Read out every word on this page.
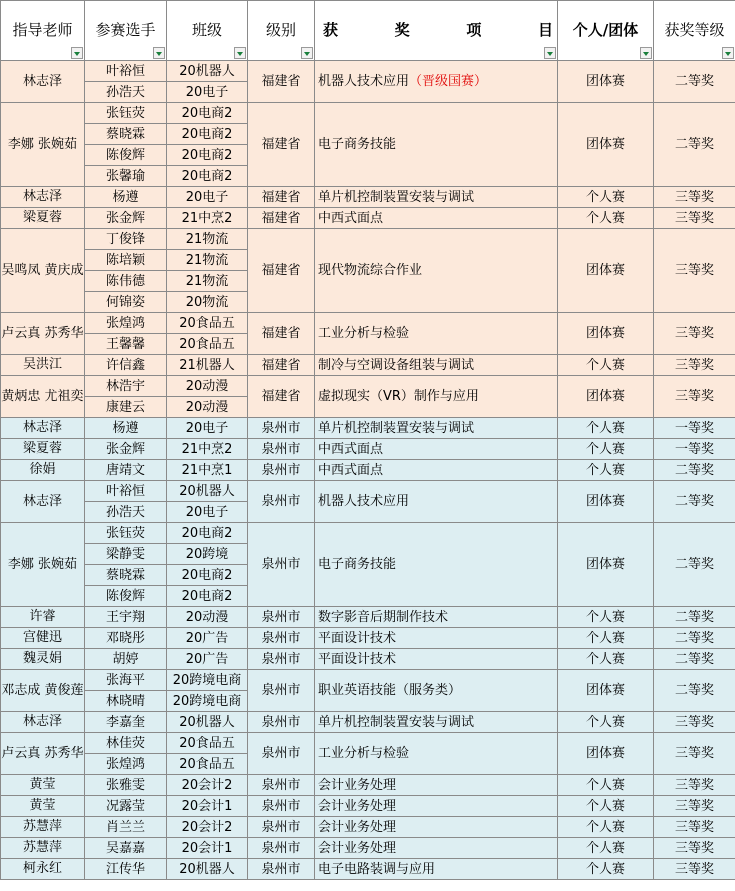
指导老师	参赛选手	班级	级别	获　　奖　　项　　目	个人/团体	获奖等级

林志泽	叶裕恒	20机器人	福建省	机器人技术应用（晋级国赛）	团体赛	二等奖
	孙浩天	20电子				
李娜 张婉茹	张钰荧	20电商2	福建省	电子商务技能	团体赛	二等奖
	蔡晓霖	20电商2				
	陈俊辉	20电商2				
	张馨瑜	20电商2				
林志泽	杨遵	20电子	福建省	单片机控制装置安装与调试	个人赛	三等奖
梁夏蓉	张金辉	21中烹2	福建省	中西式面点	个人赛	三等奖
吴鸣凤 黄庆成	丁俊锋	21物流	福建省	现代物流综合作业	团体赛	三等奖
	陈培颖	21物流				
	陈伟德	21物流				
	何锦姿	20物流				
卢云真 苏秀华	张煌鸿	20食品五	福建省	工业分析与检验	团体赛	三等奖
	王馨馨	20食品五				
吴洪江	许信鑫	21机器人	福建省	制冷与空调设备组装与调试	个人赛	三等奖
黄炳忠 尤祖奕	林浩宇	20动漫	福建省	虚拟现实（VR）制作与应用	团体赛	三等奖
	康建云	20动漫				
林志泽	杨遵	20电子	泉州市	单片机控制装置安装与调试	个人赛	一等奖
梁夏蓉	张金辉	21中烹2	泉州市	中西式面点	个人赛	一等奖
徐娟	唐靖文	21中烹1	泉州市	中西式面点	个人赛	二等奖
林志泽	叶裕恒	20机器人	泉州市	机器人技术应用	团体赛	二等奖
	孙浩天	20电子				
李娜 张婉茹	张钰荧	20电商2	泉州市	电子商务技能	团体赛	二等奖
	梁静雯	20跨境				
	蔡晓霖	20电商2				
	陈俊辉	20电商2				
许睿	王宇翔	20动漫	泉州市	数字影音后期制作技术	个人赛	二等奖
宫健迅	邓晓彤	20广告	泉州市	平面设计技术	个人赛	二等奖
魏灵娟	胡婷	20广告	泉州市	平面设计技术	个人赛	二等奖
邓志成 黄俊莲	张海平	20跨境电商	泉州市	职业英语技能（服务类）	团体赛	二等奖
	林晓晴	20跨境电商				
林志泽	李嘉奎	20机器人	泉州市	单片机控制装置安装与调试	个人赛	三等奖
卢云真 苏秀华	林佳荧	20食品五	泉州市	工业分析与检验	团体赛	三等奖
	张煌鸿	20食品五				
黄莹	张雅雯	20会计2	泉州市	会计业务处理	个人赛	三等奖
黄莹	况露莹	20会计1	泉州市	会计业务处理	个人赛	三等奖
苏慧萍	肖兰兰	20会计2	泉州市	会计业务处理	个人赛	三等奖
苏慧萍	吴嘉嘉	20会计1	泉州市	会计业务处理	个人赛	三等奖
柯永红	江传华	20机器人	泉州市	电子电路装调与应用	个人赛	三等奖
